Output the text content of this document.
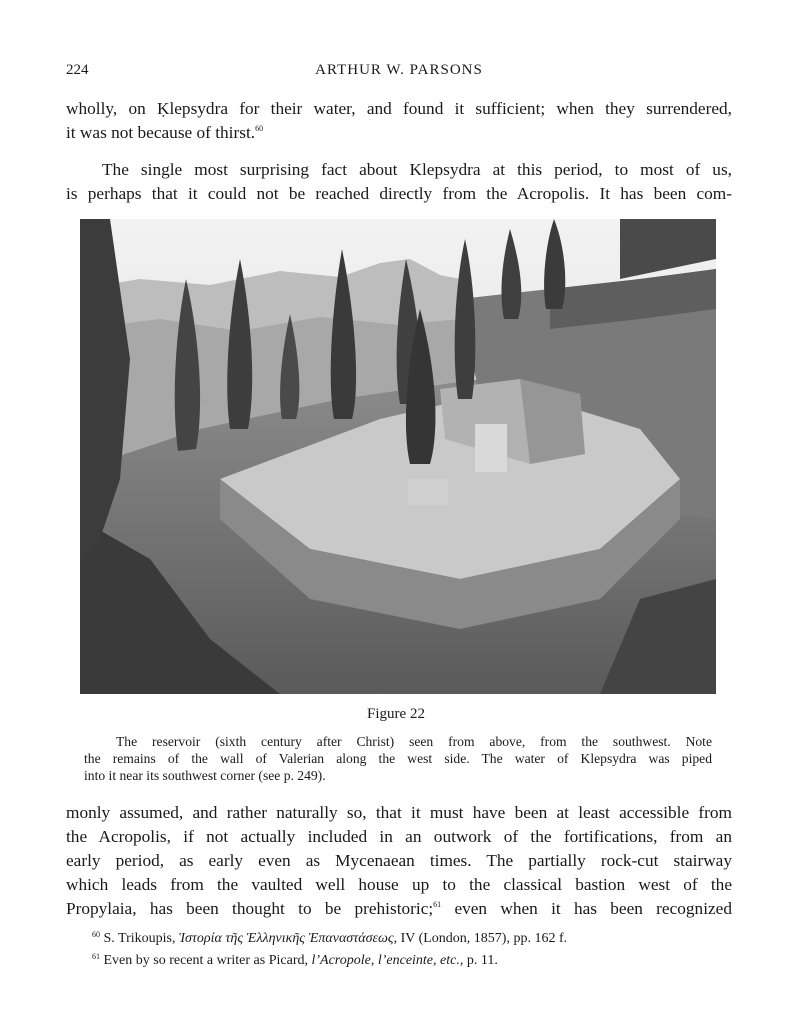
224	ARTHUR W. PARSONS

wholly, on Ḳlepsydra for their water, and found it sufficient; when they surrendered,

it was not because of thirst.$^{60}$

The single most surprising fact about Klepsydra at this period, to most of us,

is perhaps that it could not be reached directly from the Acropolis. It has been com-

Figure 22

The reservoir (sixth century after Christ) seen from above, from the southwest. Note
the remains of the wall of Valerian along the west side. The water of Klepsydra was piped
into it near its southwest corner (see p. 249).

monly assumed, and rather naturally so, that it must have been at least accessible from

the Acropolis, if not actually included in an outwork of the fortifications, from an

early period, as early even as Mycenaean times. The partially rock-cut stairway

which leads from the vaulted well house up to the classical bastion west of the

Propylaia, has been thought to be prehistoric;$^{61}$ even when it has been recognized

$^{60}$ S. Trikoupis, Ἱστορία τῆς Ἑλληνικῆς Ἐπαναστάσεως, IV (London, 1857), pp. 162 f.
$^{61}$ Even by so recent a writer as Picard, l’Acropole, l’enceinte, etc., p. 11.
